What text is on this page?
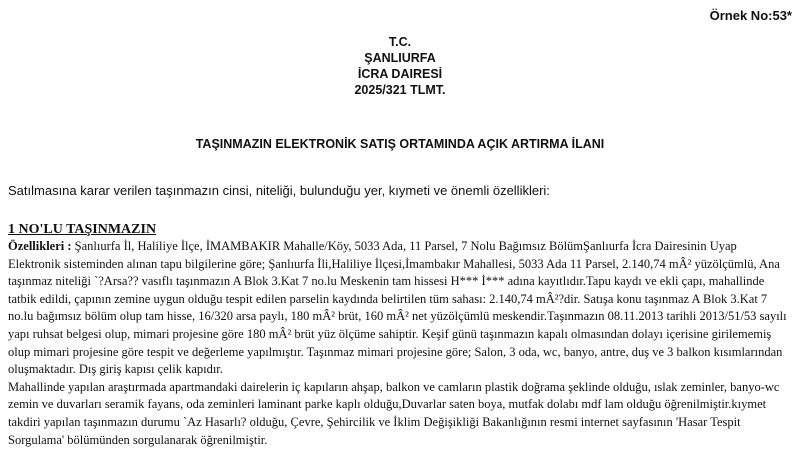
Örnek No:53*
T.C.
ŞANLIURFA
İCRA DAIRESİ
2025/321 TLMT.
TAŞINMAZIN ELEKTRONİK SATIŞ ORTAMINDA AÇIK ARTIRMA İLANI
Satılmasına karar verilen taşınmazın cinsi, niteliği, bulunduğu yer, kıymeti ve önemli özellikleri:
1 NO'LU TAŞINMAZIN

Özellikleri : Şanlıurfa İl, Haliliye İlçe, İMAMBAKIR Mahalle/Köy, 5033 Ada, 11 Parsel, 7 Nolu Bağımsız BölümŞanlıurfa İcra Dairesinin Uyap Elektronik sisteminden alınan tapu bilgilerine göre; Şanlıurfa İli,Haliliye İlçesi,İmambakır Mahallesi, 5033 Ada 11 Parsel, 2.140,74 mÂ² yüzölçümlü, Ana taşınmaz niteliği `?Arsa?? vasıflı taşınmazın A Blok 3.Kat 7 no.lu Meskenin tam hissesi H*** İ*** adına kayıtlıdır.Tapu kaydı ve ekli çapı, mahallinde tatbik edildi, çapının zemine uygun olduğu tespit edilen parselin kaydında belirtilen tüm sahası: 2.140,74 mÂ²?dir. Satışa konu taşınmaz A Blok 3.Kat 7 no.lu bağımsız bölüm olup tam hisse, 16/320 arsa paylı, 180 mÂ² brüt, 160 mÂ² net yüzölçümlü meskendir.Taşınmazın 08.11.2013 tarihli 2013/51/53 sayılı yapı ruhsat belgesi olup, mimari projesine göre 180 mÂ² brüt yüz ölçüme sahiptir. Keşif günü taşınmazın kapalı olmasından dolayı içerisine girilememiş olup mimari projesine göre tespit ve değerleme yapılmıştır. Taşınmaz mimari projesine göre; Salon, 3 oda, wc, banyo, antre, duş ve 3 balkon kısımlarından oluşmaktadır. Dış giriş kapısı çelik kapıdır.

Mahallinde yapılan araştırmada apartmandaki dairelerin iç kapıların ahşap, balkon ve camların plastik doğrama şeklinde olduğu, ıslak zeminler, banyo-wc zemin ve duvarları seramik fayans, oda zeminleri laminant parke kaplı olduğu,Duvarlar saten boya, mutfak dolabı mdf lam olduğu öğrenilmiştir.kıymet takdiri yapılan taşınmazın durumu `Az Hasarlı? olduğu, Çevre, Şehircilik ve İklim Değişikliği Bakanlığının resmi internet sayfasının 'Hasar Tespit Sorgulama' bölümünden sorgulanarak öğrenilmiştir.
